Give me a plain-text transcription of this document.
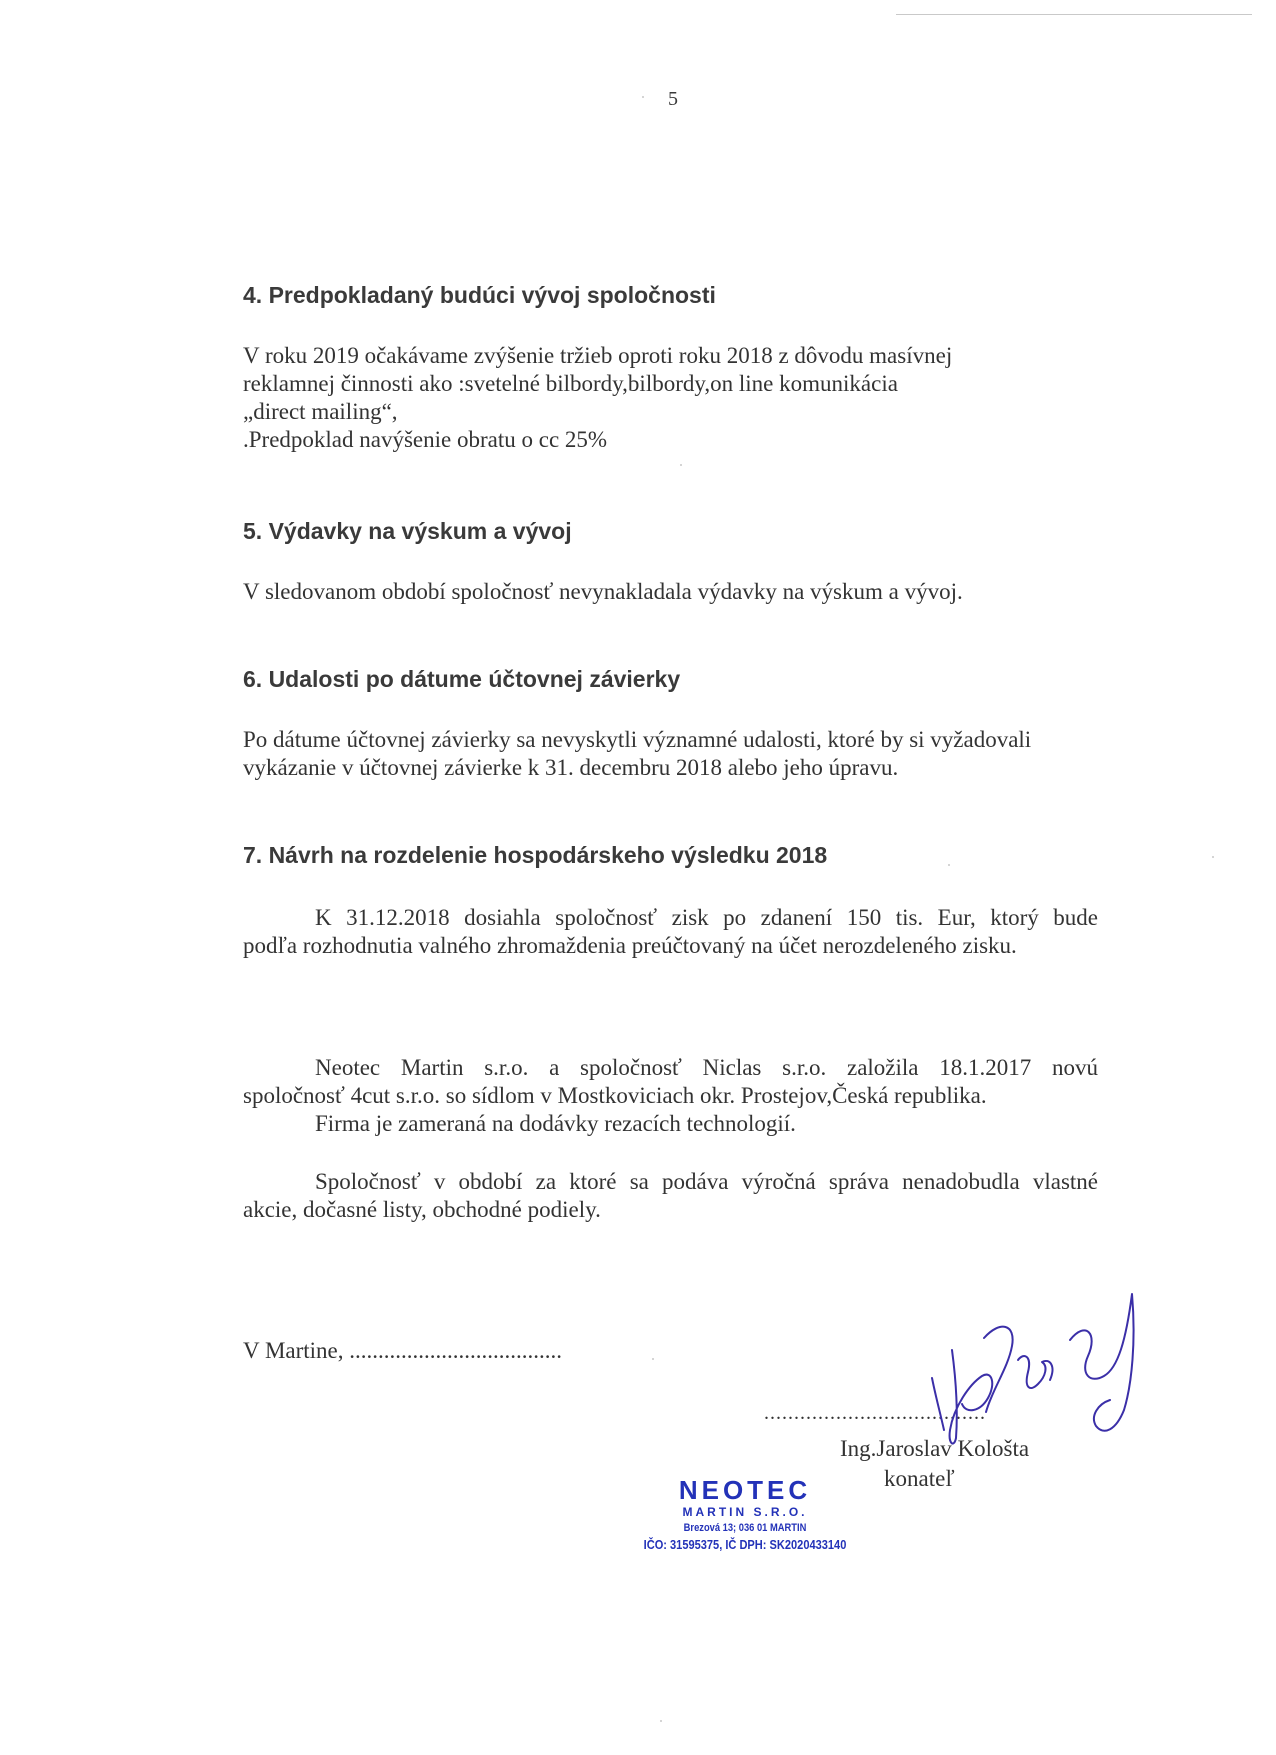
5
4. Predpokladaný budúci vývoj spoločnosti
V roku 2019 očakávame zvýšenie tržieb oproti roku 2018 z dôvodu masívnej
reklamnej činnosti ako :svetelné bilbordy,bilbordy,on line komunikácia
„direct mailing“,
.Predpoklad navýšenie obratu o cc 25%
5. Výdavky na výskum a vývoj
V sledovanom období spoločnosť nevynakladala výdavky na výskum a vývoj.
6. Udalosti po dátume účtovnej závierky
Po dátume účtovnej závierky sa nevyskytli významné udalosti, ktoré by si vyžadovali
vykázanie v účtovnej závierke k 31. decembru 2018 alebo jeho úpravu.
7. Návrh na rozdelenie hospodárskeho výsledku 2018
K 31.12.2018 dosiahla spoločnosť zisk po zdanení 150 tis. Eur, ktorý bude
podľa rozhodnutia valného zhromaždenia preúčtovaný na účet nerozdeleného zisku.
Neotec Martin s.r.o. a spoločnosť Niclas s.r.o. založila 18.1.2017 novú
spoločnosť 4cut s.r.o. so sídlom v Mostkoviciach okr. Prostejov,Česká republika.
Firma je zameraná na dodávky rezacích technologií.
Spoločnosť v období za ktoré sa podáva výročná správa nenadobudla vlastné
akcie, dočasné listy, obchodné podiely.
V Martine, .....................................
.....................................
Ing.Jaroslav Kološta
konateľ
NEOTEC
MARTIN S.R.O.
Brezová 13; 036 01 MARTIN
IČO: 31595375, IČ DPH: SK2020433140
